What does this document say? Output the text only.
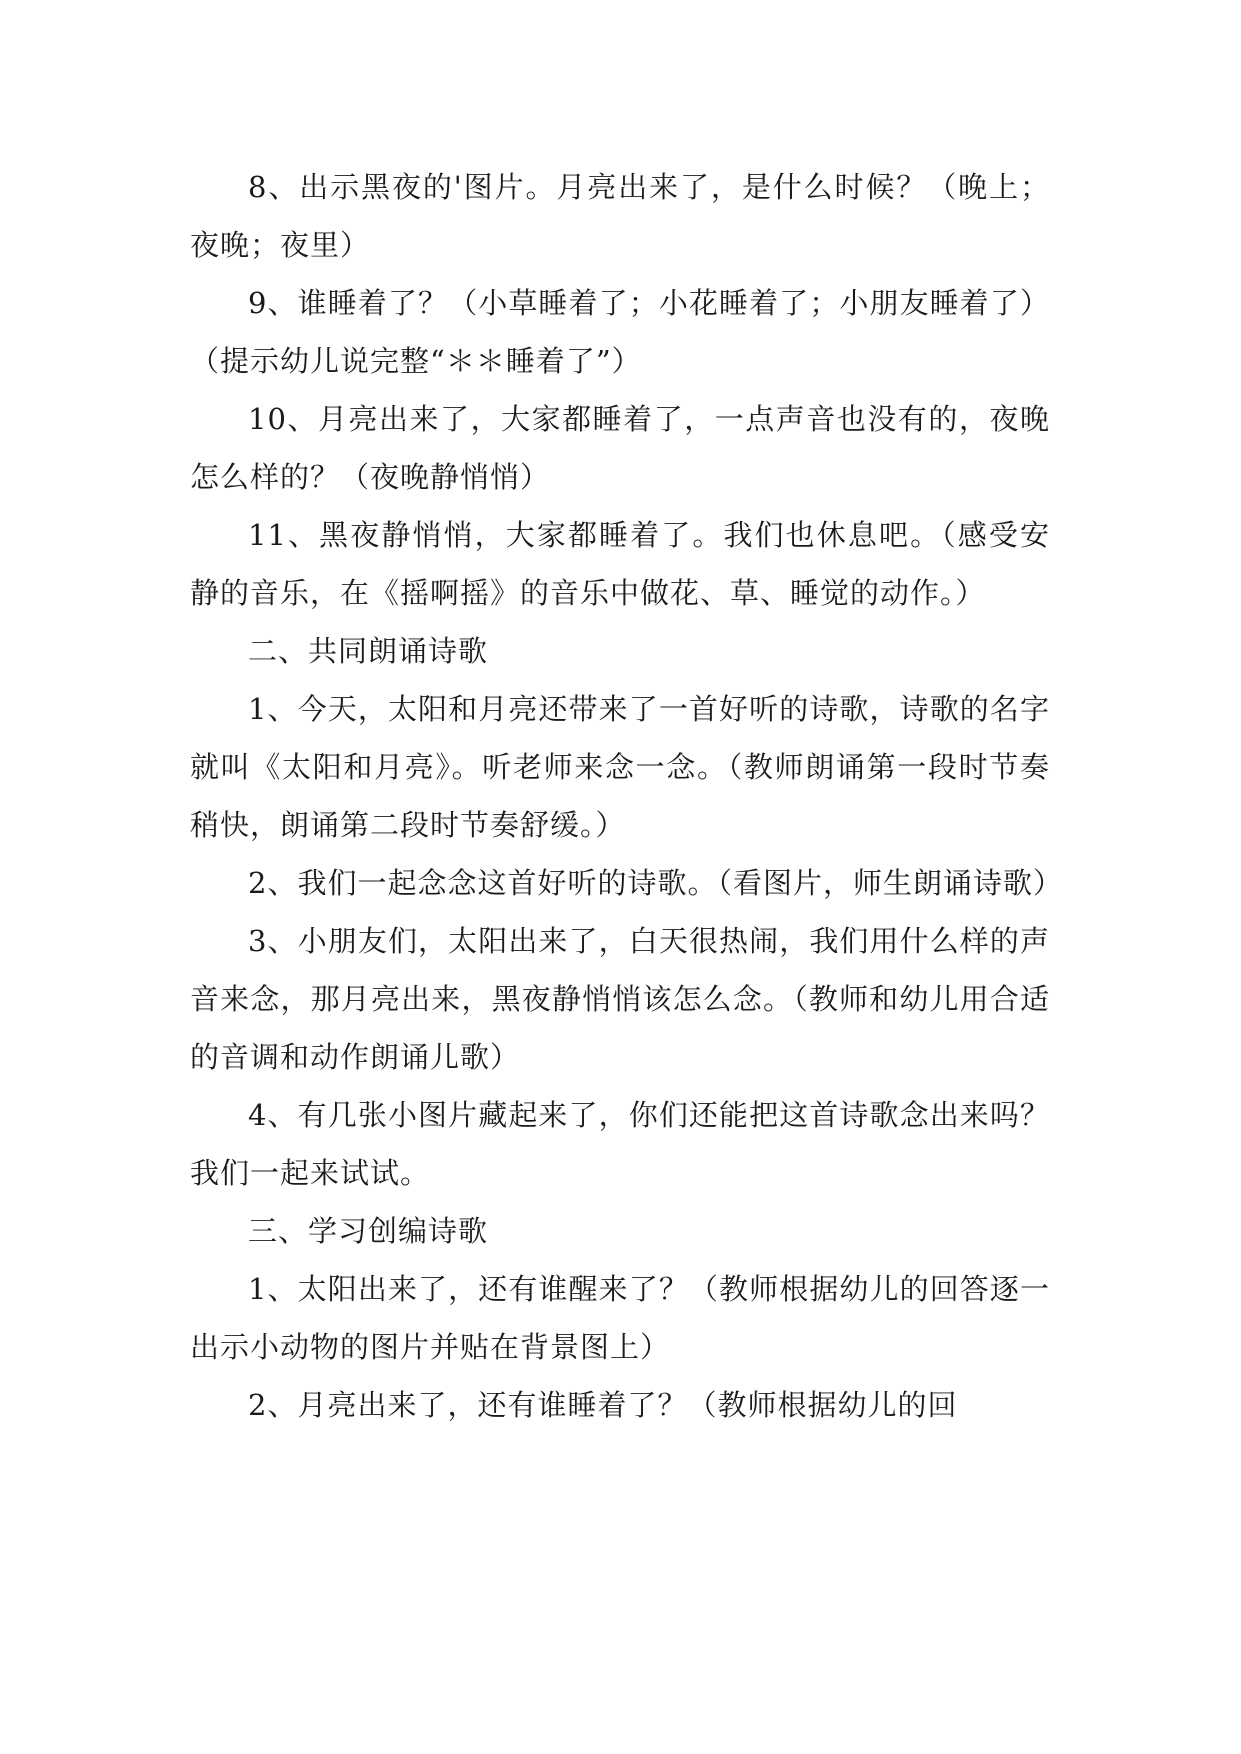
8、出示黑夜的'图片。月亮出来了，是什么时候？（晚上；夜晚；夜里）

9、谁睡着了？（小草睡着了；小花睡着了；小朋友睡着了）（提示幼儿说完整“＊＊睡着了”）

10、月亮出来了，大家都睡着了，一点声音也没有的，夜晚怎么样的？（夜晚静悄悄）

11、黑夜静悄悄，大家都睡着了。我们也休息吧。（感受安静的音乐，在《摇啊摇》的音乐中做花、草、睡觉的动作。）

二、共同朗诵诗歌

1、今天，太阳和月亮还带来了一首好听的诗歌，诗歌的名字就叫《太阳和月亮》。听老师来念一念。（教师朗诵第一段时节奏稍快，朗诵第二段时节奏舒缓。）

2、我们一起念念这首好听的诗歌。（看图片，师生朗诵诗歌）

3、小朋友们，太阳出来了，白天很热闹，我们用什么样的声音来念，那月亮出来，黑夜静悄悄该怎么念。（教师和幼儿用合适的音调和动作朗诵儿歌）

4、有几张小图片藏起来了，你们还能把这首诗歌念出来吗？我们一起来试试。

三、学习创编诗歌

1、太阳出来了，还有谁醒来了？（教师根据幼儿的回答逐一出示小动物的图片并贴在背景图上）

2、月亮出来了，还有谁睡着了？（教师根据幼儿的回
